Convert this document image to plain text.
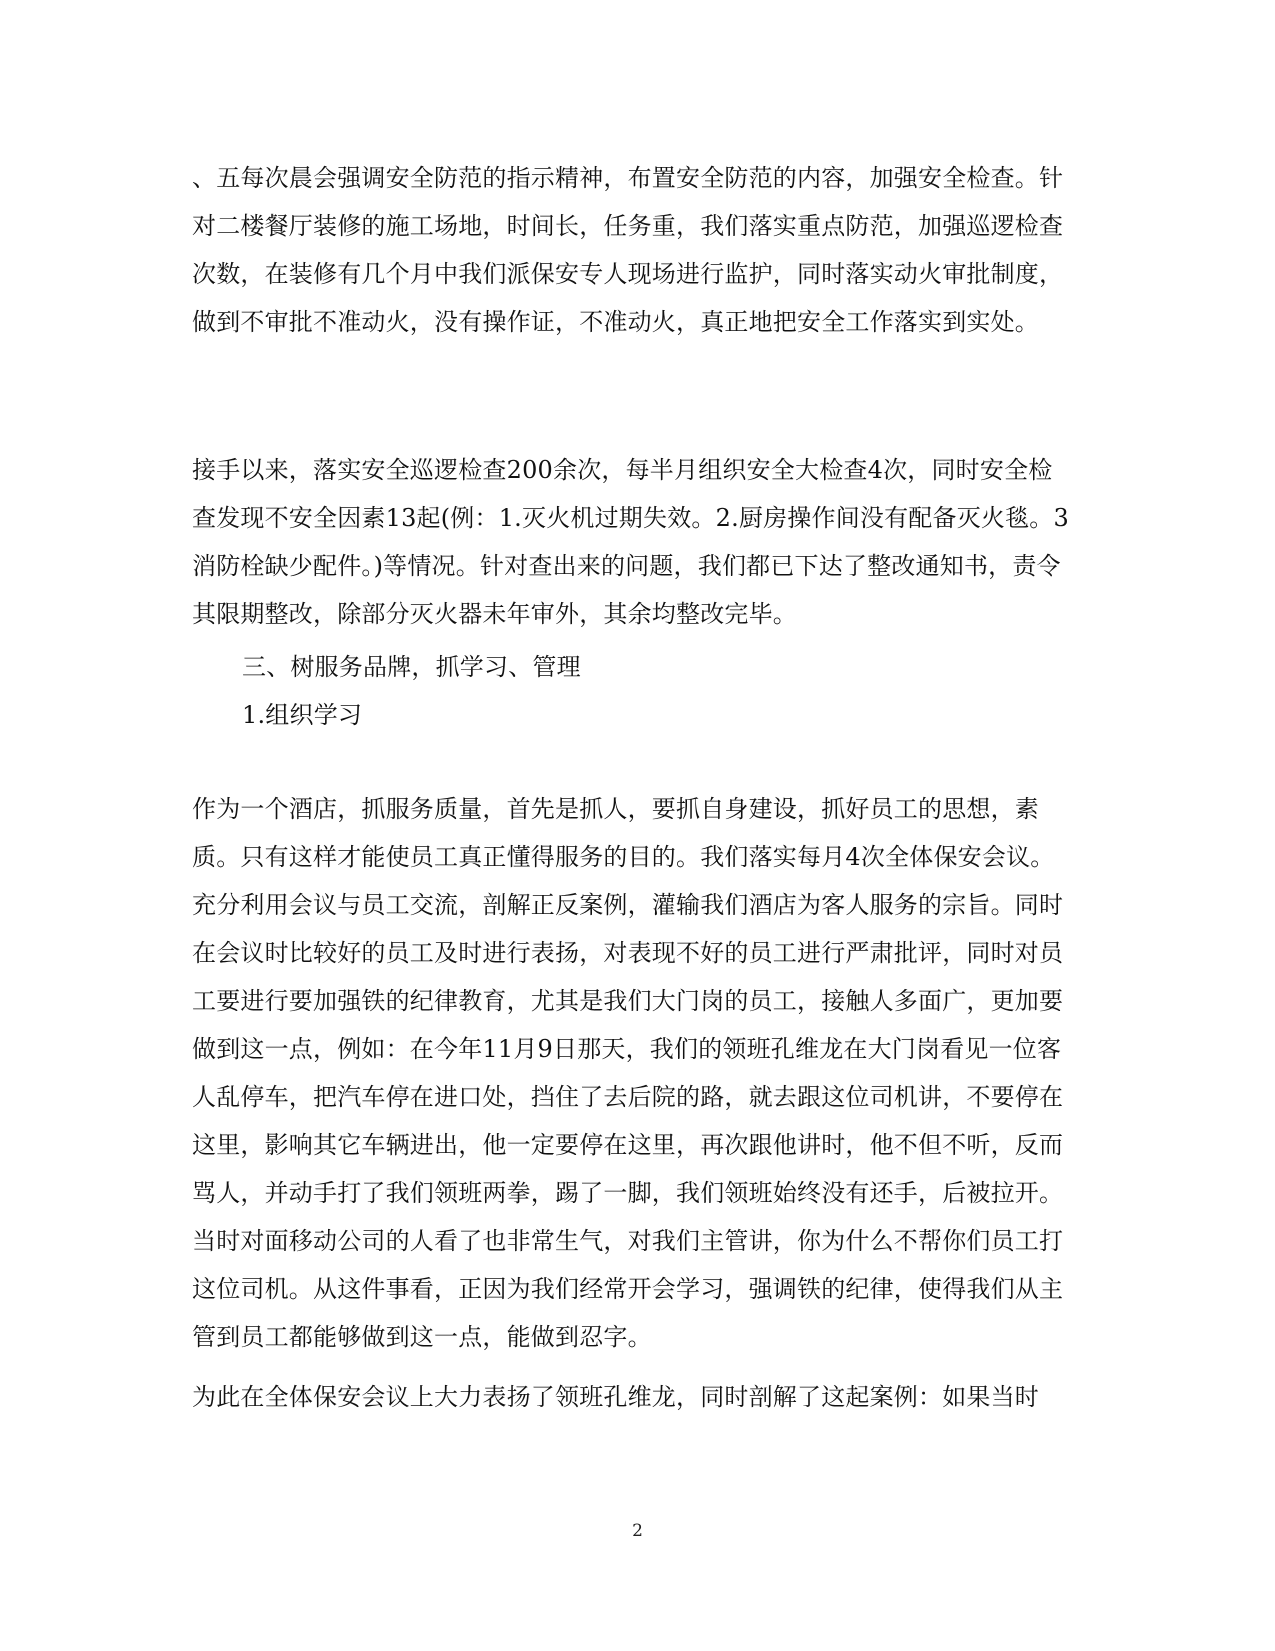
、五每次晨会强调安全防范的指示精神，布置安全防范的内容，加强安全检查。针对二楼餐厅装修的施工场地，时间长，任务重，我们落实重点防范，加强巡逻检查次数，在装修有几个月中我们派保安专人现场进行监护，同时落实动火审批制度，做到不审批不准动火，没有操作证，不准动火，真正地把安全工作落实到实处。

接手以来，落实安全巡逻检查200余次，每半月组织安全大检查4次，同时安全检查发现不安全因素13起(例：1.灭火机过期失效。2.厨房操作间没有配备灭火毯。3消防栓缺少配件。)等情况。针对查出来的问题，我们都已下达了整改通知书，责令其限期整改，除部分灭火器未年审外，其余均整改完毕。

三、树服务品牌，抓学习、管理

1.组织学习

作为一个酒店，抓服务质量，首先是抓人，要抓自身建设，抓好员工的思想，素质。只有这样才能使员工真正懂得服务的目的。我们落实每月4次全体保安会议。充分利用会议与员工交流，剖解正反案例，灌输我们酒店为客人服务的宗旨。同时在会议时比较好的员工及时进行表扬，对表现不好的员工进行严肃批评，同时对员工要进行要加强铁的纪律教育，尤其是我们大门岗的员工，接触人多面广，更加要做到这一点，例如：在今年11月9日那天，我们的领班孔维龙在大门岗看见一位客人乱停车，把汽车停在进口处，挡住了去后院的路，就去跟这位司机讲，不要停在这里，影响其它车辆进出，他一定要停在这里，再次跟他讲时，他不但不听，反而骂人，并动手打了我们领班两拳，踢了一脚，我们领班始终没有还手，后被拉开。当时对面移动公司的人看了也非常生气，对我们主管讲，你为什么不帮你们员工打这位司机。从这件事看，正因为我们经常开会学习，强调铁的纪律，使得我们从主管到员工都能够做到这一点，能做到忍字。

为此在全体保安会议上大力表扬了领班孔维龙，同时剖解了这起案例：如果当时

2
